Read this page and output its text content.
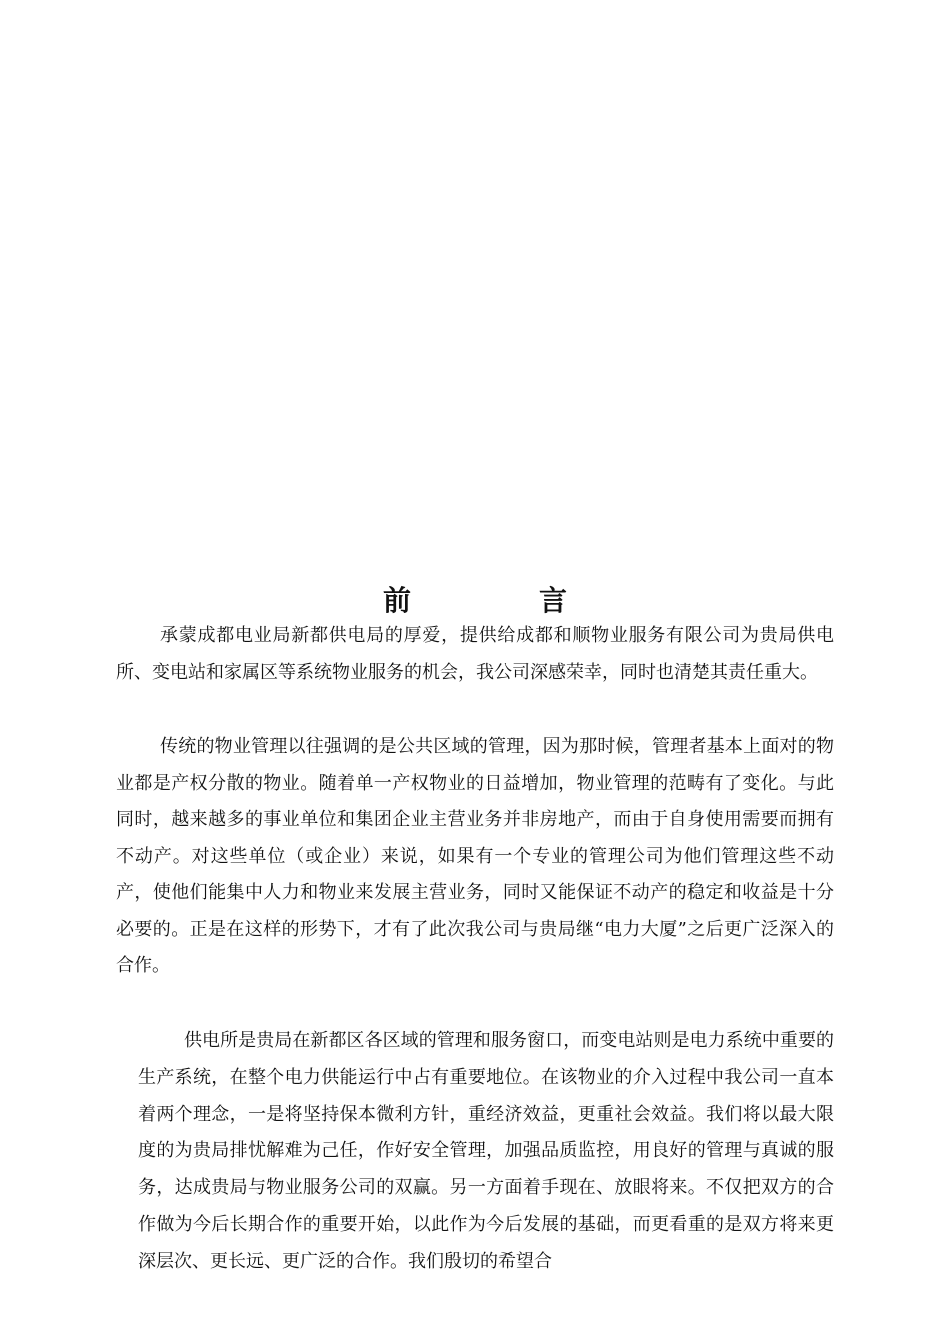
前　言

承蒙成都电业局新都供电局的厚爱，提供给成都和顺物业服务有限公司为贵局供电所、变电站和家属区等系统物业服务的机会，我公司深感荣幸，同时也清楚其责任重大。

传统的物业管理以往强调的是公共区域的管理，因为那时候，管理者基本上面对的物业都是产权分散的物业。随着单一产权物业的日益增加，物业管理的范畴有了变化。与此同时，越来越多的事业单位和集团企业主营业务并非房地产，而由于自身使用需要而拥有不动产。对这些单位（或企业）来说，如果有一个专业的管理公司为他们管理这些不动产，使他们能集中人力和物业来发展主营业务，同时又能保证不动产的稳定和收益是十分必要的。正是在这样的形势下，才有了此次我公司与贵局继“电力大厦”之后更广泛深入的合作。

供电所是贵局在新都区各区域的管理和服务窗口，而变电站则是电力系统中重要的生产系统，在整个电力供能运行中占有重要地位。在该物业的介入过程中我公司一直本着两个理念，一是将坚持保本微利方针，重经济效益，更重社会效益。我们将以最大限度的为贵局排忧解难为己任，作好安全管理，加强品质监控，用良好的管理与真诚的服务，达成贵局与物业服务公司的双赢。另一方面着手现在、放眼将来。不仅把双方的合作做为今后长期合作的重要开始，以此作为今后发展的基础，而更看重的是双方将来更深层次、更长远、更广泛的合作。我们殷切的希望合
